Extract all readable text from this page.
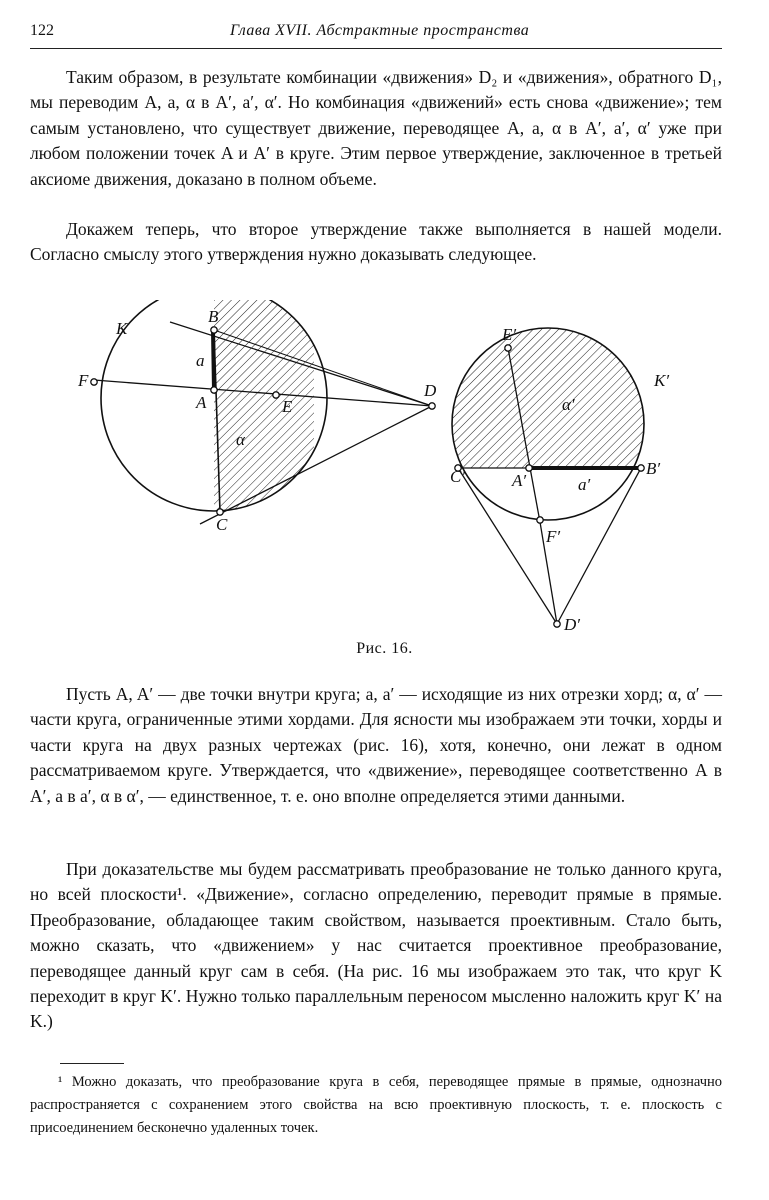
122	Глава XVII. Абстрактные пространства

Таким образом, в результате комбинации «движения» D₂ и «движения», обратного D₁, мы переводим A, a, α в A′, a′, α′. Но комбинация «движений» есть снова «движение»; тем самым установлено, что существует движение, переводящее A, a, α в A′, a′, α′ уже при любом положении точек A и A′ в круге. Этим первое утверждение, заключенное в третьей аксиоме движения, доказано в полном объеме.

Докажем теперь, что второе утверждение также выполняется в нашей модели. Согласно смыслу этого утверждения нужно доказывать следующее.

K
B
a
F
A	E
α
C
D
E′
K′
α′
C′	A′	a′
B′
F′
D′
Рис. 16.

Пусть A, A′ — две точки внутри круга; a, a′ — исходящие из них отрезки хорд; α, α′ — части круга, ограниченные этими хордами. Для ясности мы изображаем эти точки, хорды и части круга на двух разных чертежах (рис. 16), хотя, конечно, они лежат в одном рассматриваемом круге. Утверждается, что «движение», переводящее соответственно A в A′, a в a′, α в α′, — единственное, т. е. оно вполне определяется этими данными.

При доказательстве мы будем рассматривать преобразование не только данного круга, но всей плоскости¹. «Движение», согласно определению, переводит прямые в прямые. Преобразование, обладающее таким свойством, называется проективным. Стало быть, можно сказать, что «движением» у нас считается проективное преобразование, переводящее данный круг сам в себя. (На рис. 16 мы изображаем это так, что круг K переходит в круг K′. Нужно только параллельным переносом мысленно наложить круг K′ на K.)

¹ Можно доказать, что преобразование круга в себя, переводящее прямые в прямые, однозначно распространяется с сохранением этого свойства на всю проективную плоскость, т. е. плоскость с присоединением бесконечно удаленных точек.
